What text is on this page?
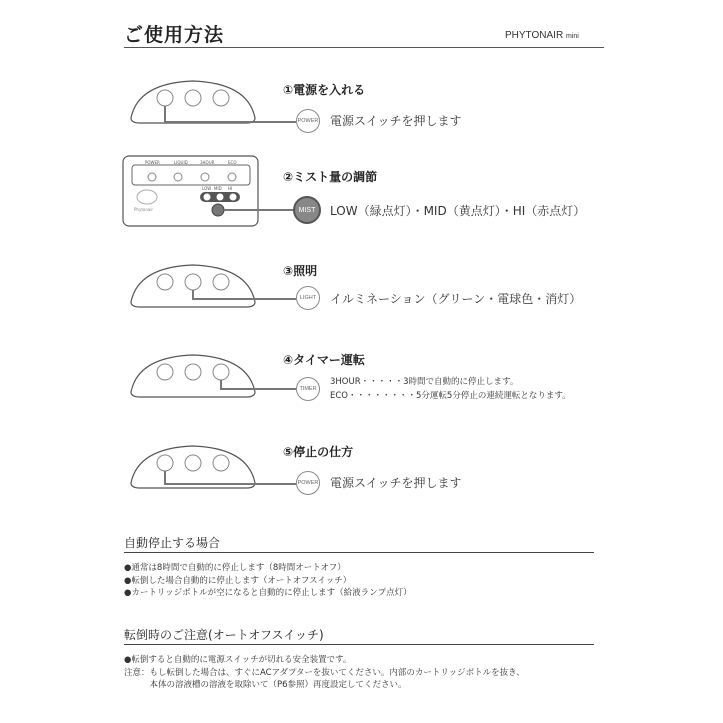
ご使用方法	PHYTONAIR mini
①電源を入れる
POWER 電源スイッチを押します
POWER	LIQUID	3HOUR	ECO
LOW MID HI
Phytonair
②ミスト量の調節
MIST	LOW（緑点灯）・MID（黄点灯）・HI（赤点灯）
③照明
LIGHT	イルミネーション（グリーン・電球色・消灯）
④タイマー運転
TIMER
3HOUR・・・・・3時間で自動的に停止します。
ECO・・・・・・・・5分運転5分停止の連続運転となります。
⑤停止の仕方
POWER 電源スイッチを押します
自動停止する場合
●通常は8時間で自動的に停止します（8時間オートオフ）
●転倒した場合自動的に停止します（オートオフスイッチ）
●カートリッジボトルが空になると自動的に停止します（給液ランプ点灯）
転倒時のご注意(オートオフスイッチ)
●転倒すると自動的に電源スイッチが切れる安全装置です。
注意：もし転倒した場合は、すぐにACアダプターを抜いてください。内部のカートリッジボトルを抜き、
　　　本体の溶液槽の溶液を取除いて（P6参照）再度設定してください。
